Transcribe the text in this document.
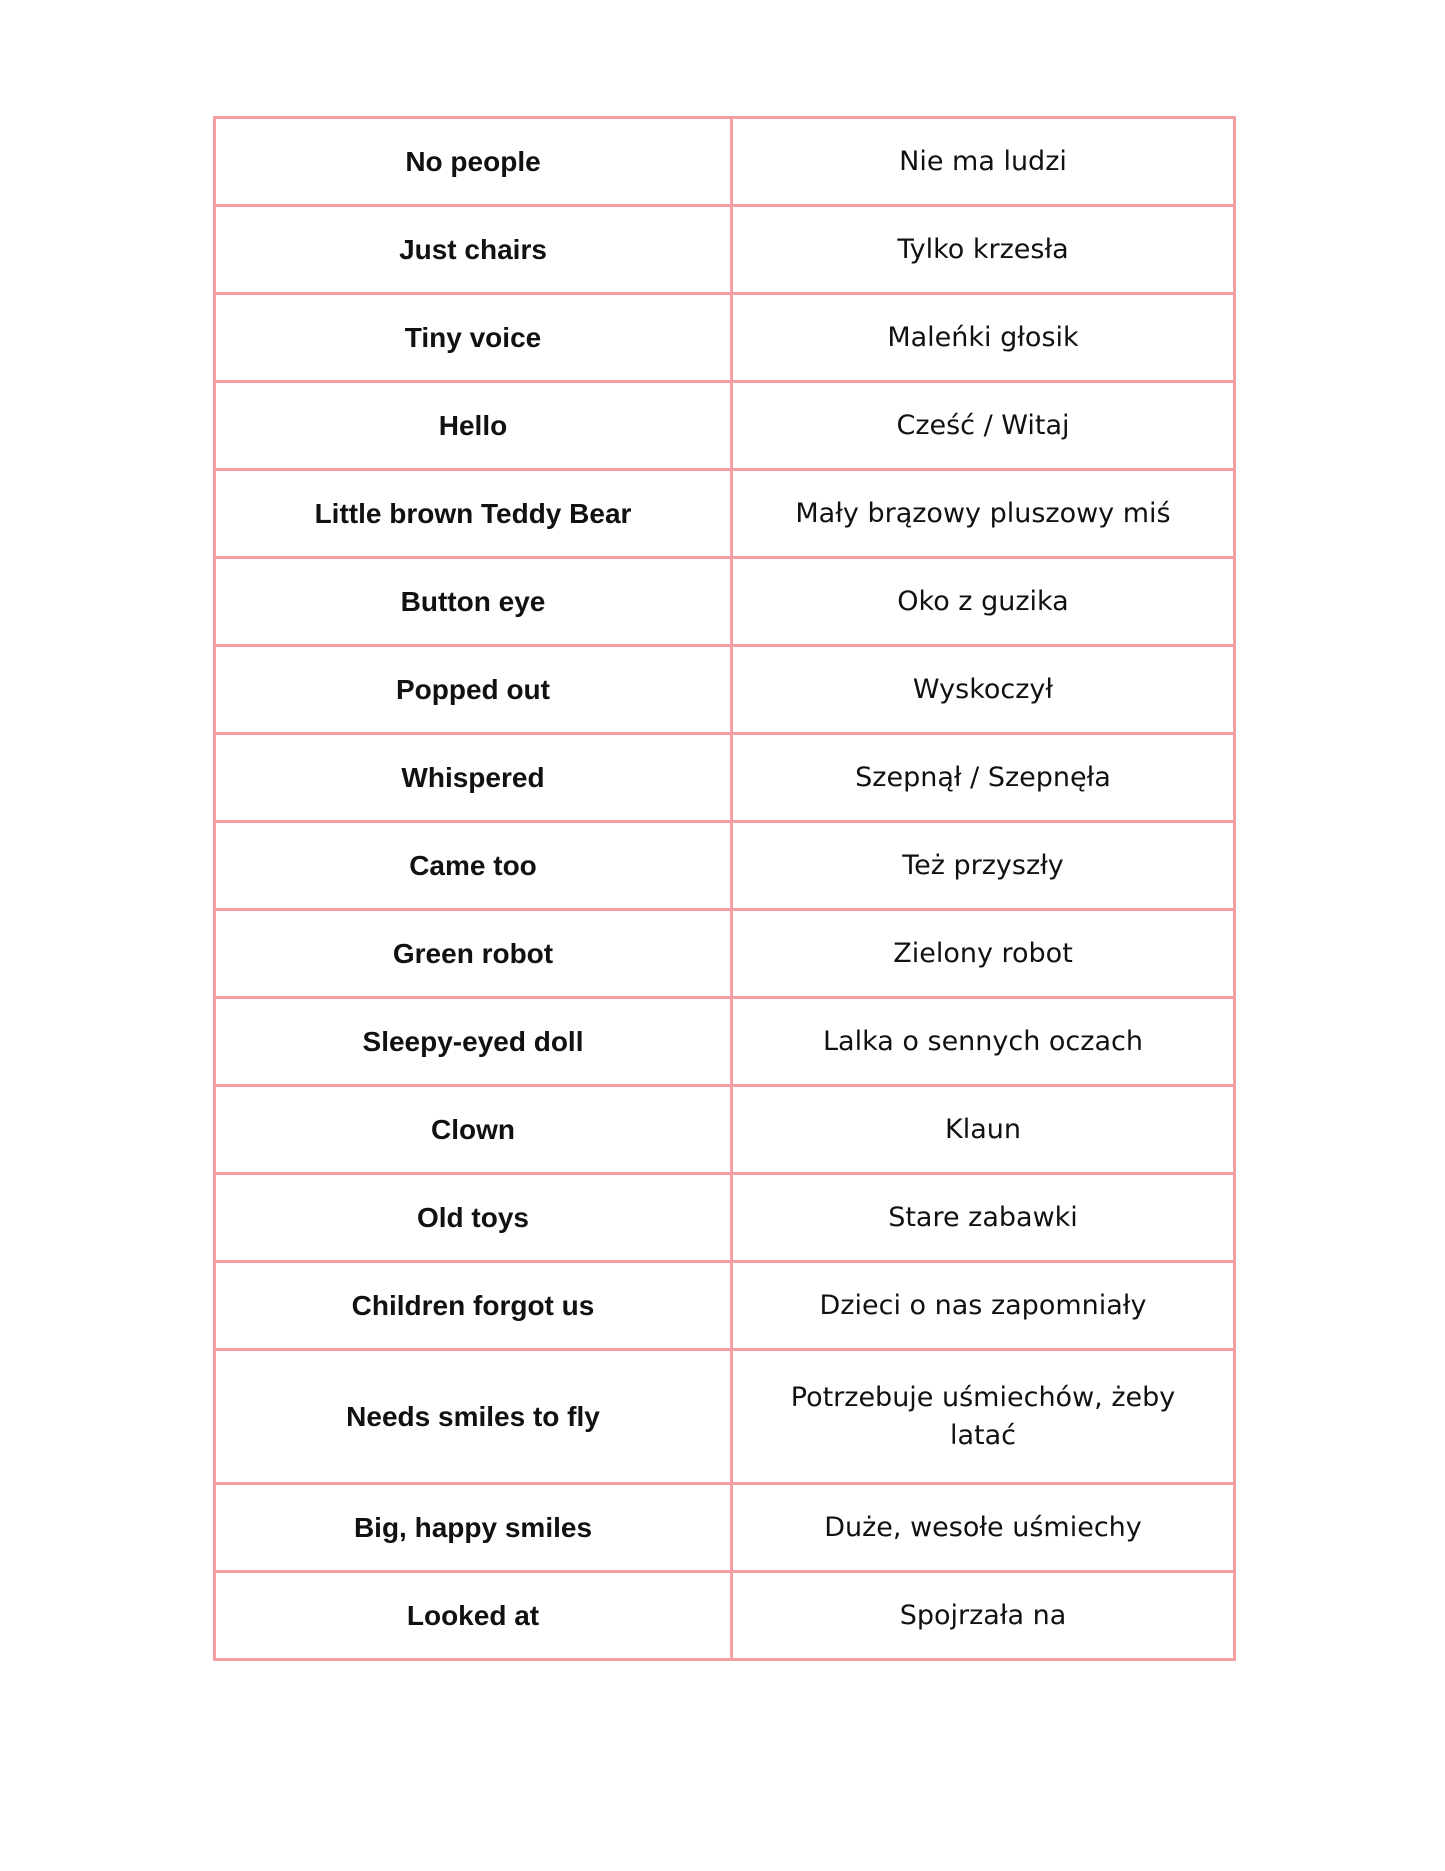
No people	Nie ma ludzi
Just chairs	Tylko krzesła
Tiny voice	Maleńki głosik
Hello	Cześć / Witaj
Little brown Teddy Bear	Mały brązowy pluszowy miś
Button eye	Oko z guzika
Popped out	Wyskoczył
Whispered	Szepnął / Szepnęła
Came too	Też przyszły
Green robot	Zielony robot
Sleepy-eyed doll	Lalka o sennych oczach
Clown	Klaun
Old toys	Stare zabawki
Children forgot us	Dzieci o nas zapomniały
Needs smiles to fly	Potrzebuje uśmiechów, żeby latać
Big, happy smiles	Duże, wesołe uśmiechy
Looked at	Spojrzała na
